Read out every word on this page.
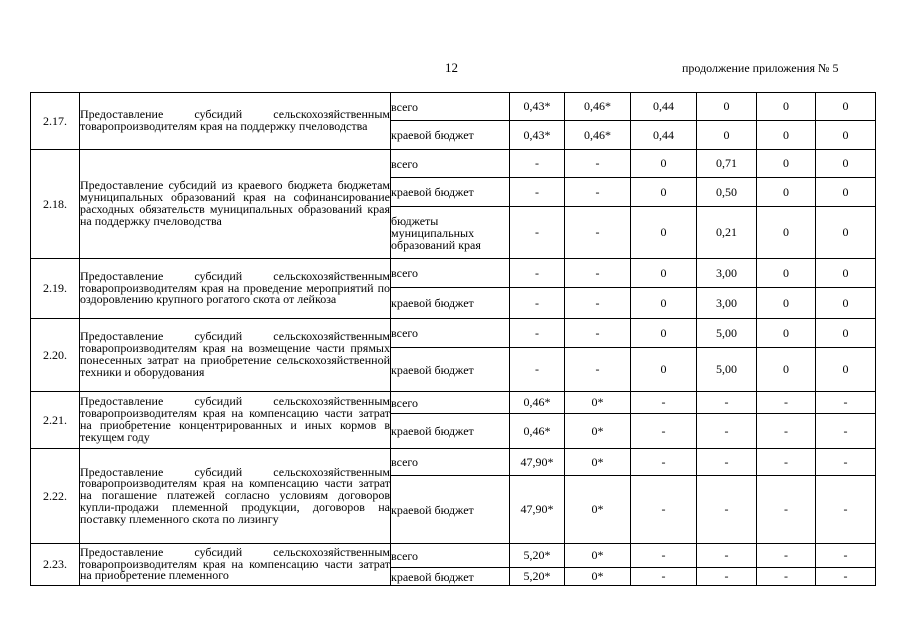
12	продолжение приложения № 5
2.17.	Предоставление субсидий сельскохозяйственным товаропроизводителям края на поддержку пчеловодства	всего	0,43*	0,46*	0,44	0	0	0
		краевой бюджет	0,43*	0,46*	0,44	0	0	0
2.18.	Предоставление субсидий из краевого бюджета бюджетам муниципальных образований края на софинансирование расходных обязательств муниципальных образований края на поддержку пчеловодства	всего	-	-	0	0,71	0	0
		краевой бюджет	-	-	0	0,50	0	0
		бюджеты муниципальных образований края	-	-	0	0,21	0	0
2.19.	Предоставление субсидий сельскохозяйственным товаропроизводителям края на проведение мероприятий по оздоровлению крупного рогатого скота от лейкоза	всего	-	-	0	3,00	0	0
		краевой бюджет	-	-	0	3,00	0	0
2.20.	Предоставление субсидий сельскохозяйственным товаропроизводителям края на возмещение части прямых понесенных затрат на приобретение сельскохозяйственной техники и оборудования	всего	-	-	0	5,00	0	0
		краевой бюджет	-	-	0	5,00	0	0
2.21.	Предоставление субсидий сельскохозяйственным товаропроизводителям края на компенсацию части затрат на приобретение концентрированных и иных кормов в текущем году	всего	0,46*	0*	-	-	-	-
		краевой бюджет	0,46*	0*	-	-	-	-
2.22.	Предоставление субсидий сельскохозяйственным товаропроизводителям края на компенсацию части затрат на погашение платежей согласно условиям договоров купли-продажи племенной продукции, договоров на поставку племенного скота по лизингу	всего	47,90*	0*	-	-	-	-
		краевой бюджет	47,90*	0*	-	-	-	-
2.23.	Предоставление субсидий сельскохозяйственным товаропроизводителям края на компенсацию части затрат на приобретение племенного	всего	5,20*	0*	-	-	-	-
		краевой бюджет	5,20*	0*	-	-	-	-
